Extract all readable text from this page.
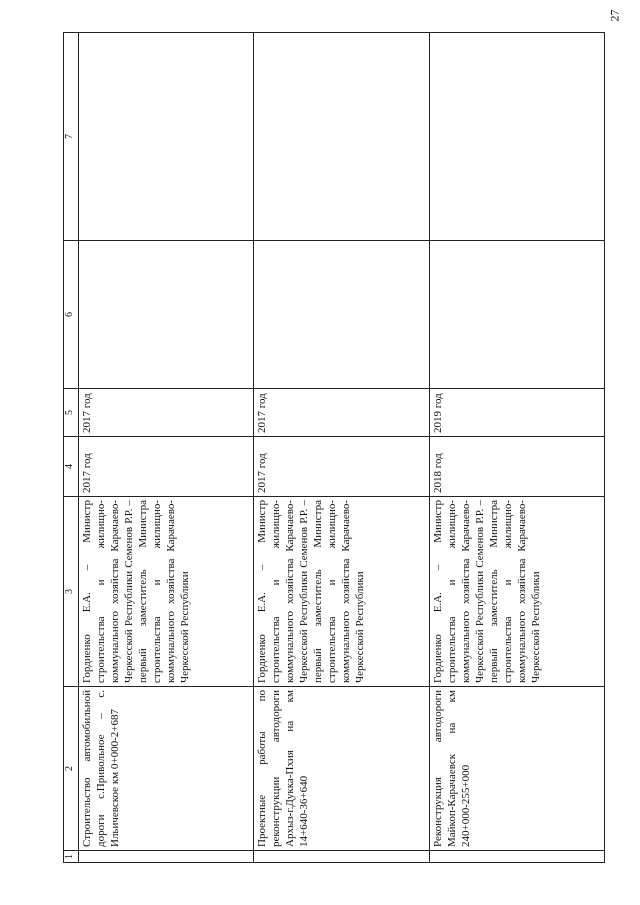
27
1	2	3	4	5	6	7
	Строительство автомобильной дороги с.Привольное – с. Ильичевское км 0+000-2+687	Гордиенко Е.А. – Министр строительства и жилищно-коммунального хозяйства Карачаево-Черкесской Республики Семенов Р.Р. – первый заместитель Министра строительства и жилищно-коммунального хозяйства Карачаево-Черкесской Республики	2017 год	2017 год		
	Проектные работы по реконструкции автодороги Архыз-г.Дукка-Пхия на км 14+640-36+640	Гордиенко Е.А. – Министр строительства и жилищно-коммунального хозяйства Карачаево-Черкесской Республики Семенов Р.Р. – первый заместитель Министра строительства и жилищно-коммунального хозяйства Карачаево-Черкесской Республики	2017 год	2017 год		
	Реконструкция автодороги Майкоп-Карачаевск на км 240+000-255+000	Гордиенко Е.А. – Министр строительства и жилищно-коммунального хозяйства Карачаево-Черкесской Республики Семенов Р.Р. – первый заместитель Министра строительства и жилищно-коммунального хозяйства Карачаево-Черкесской Республики	2018 год	2019 год		
